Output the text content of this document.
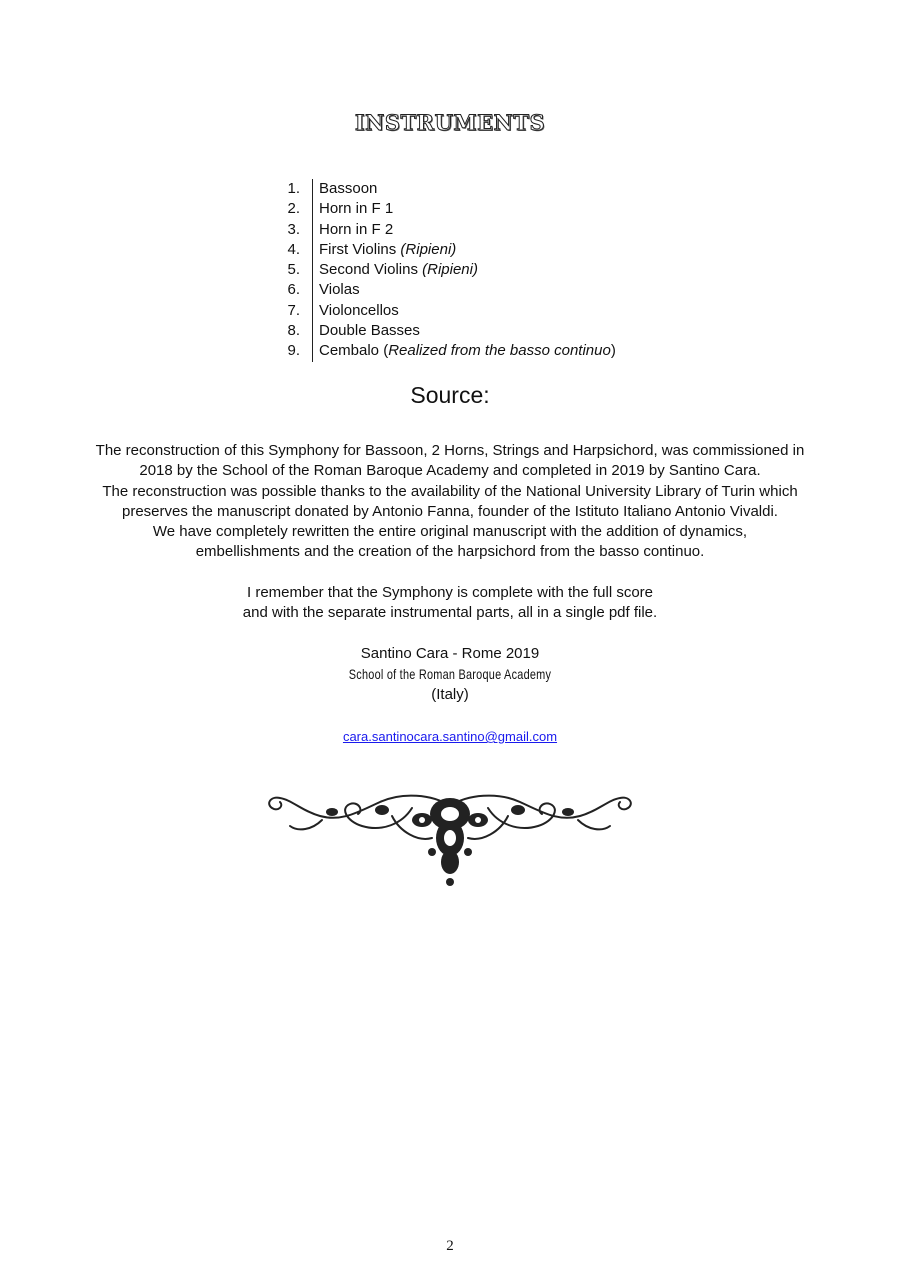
INSTRUMENTS
1. Bassoon
2. Horn in F 1
3. Horn in F 2
4. First Violins (Ripieni)
5. Second Violins (Ripieni)
6. Violas
7. Violoncellos
8. Double Basses
9. Cembalo (Realized from the basso continuo)
Source:

The reconstruction of this Symphony for Bassoon, 2 Horns, Strings and Harpsichord, was commissioned in

2018 by the School of the Roman Baroque Academy and completed in 2019 by Santino Cara.

The reconstruction was possible thanks to the availability of the National University Library of Turin which

preserves the manuscript donated by Antonio Fanna, founder of the Istituto Italiano Antonio Vivaldi.

We have completely rewritten the entire original manuscript with the addition of dynamics,

embellishments and the creation of the harpsichord from the basso continuo.

I remember that the Symphony is complete with the full score

and with the separate instrumental parts, all in a single pdf file.

Santino Cara - Rome 2019

School of the Roman Baroque Academy

(Italy)

cara.santinocara.santino@gmail.com
2
